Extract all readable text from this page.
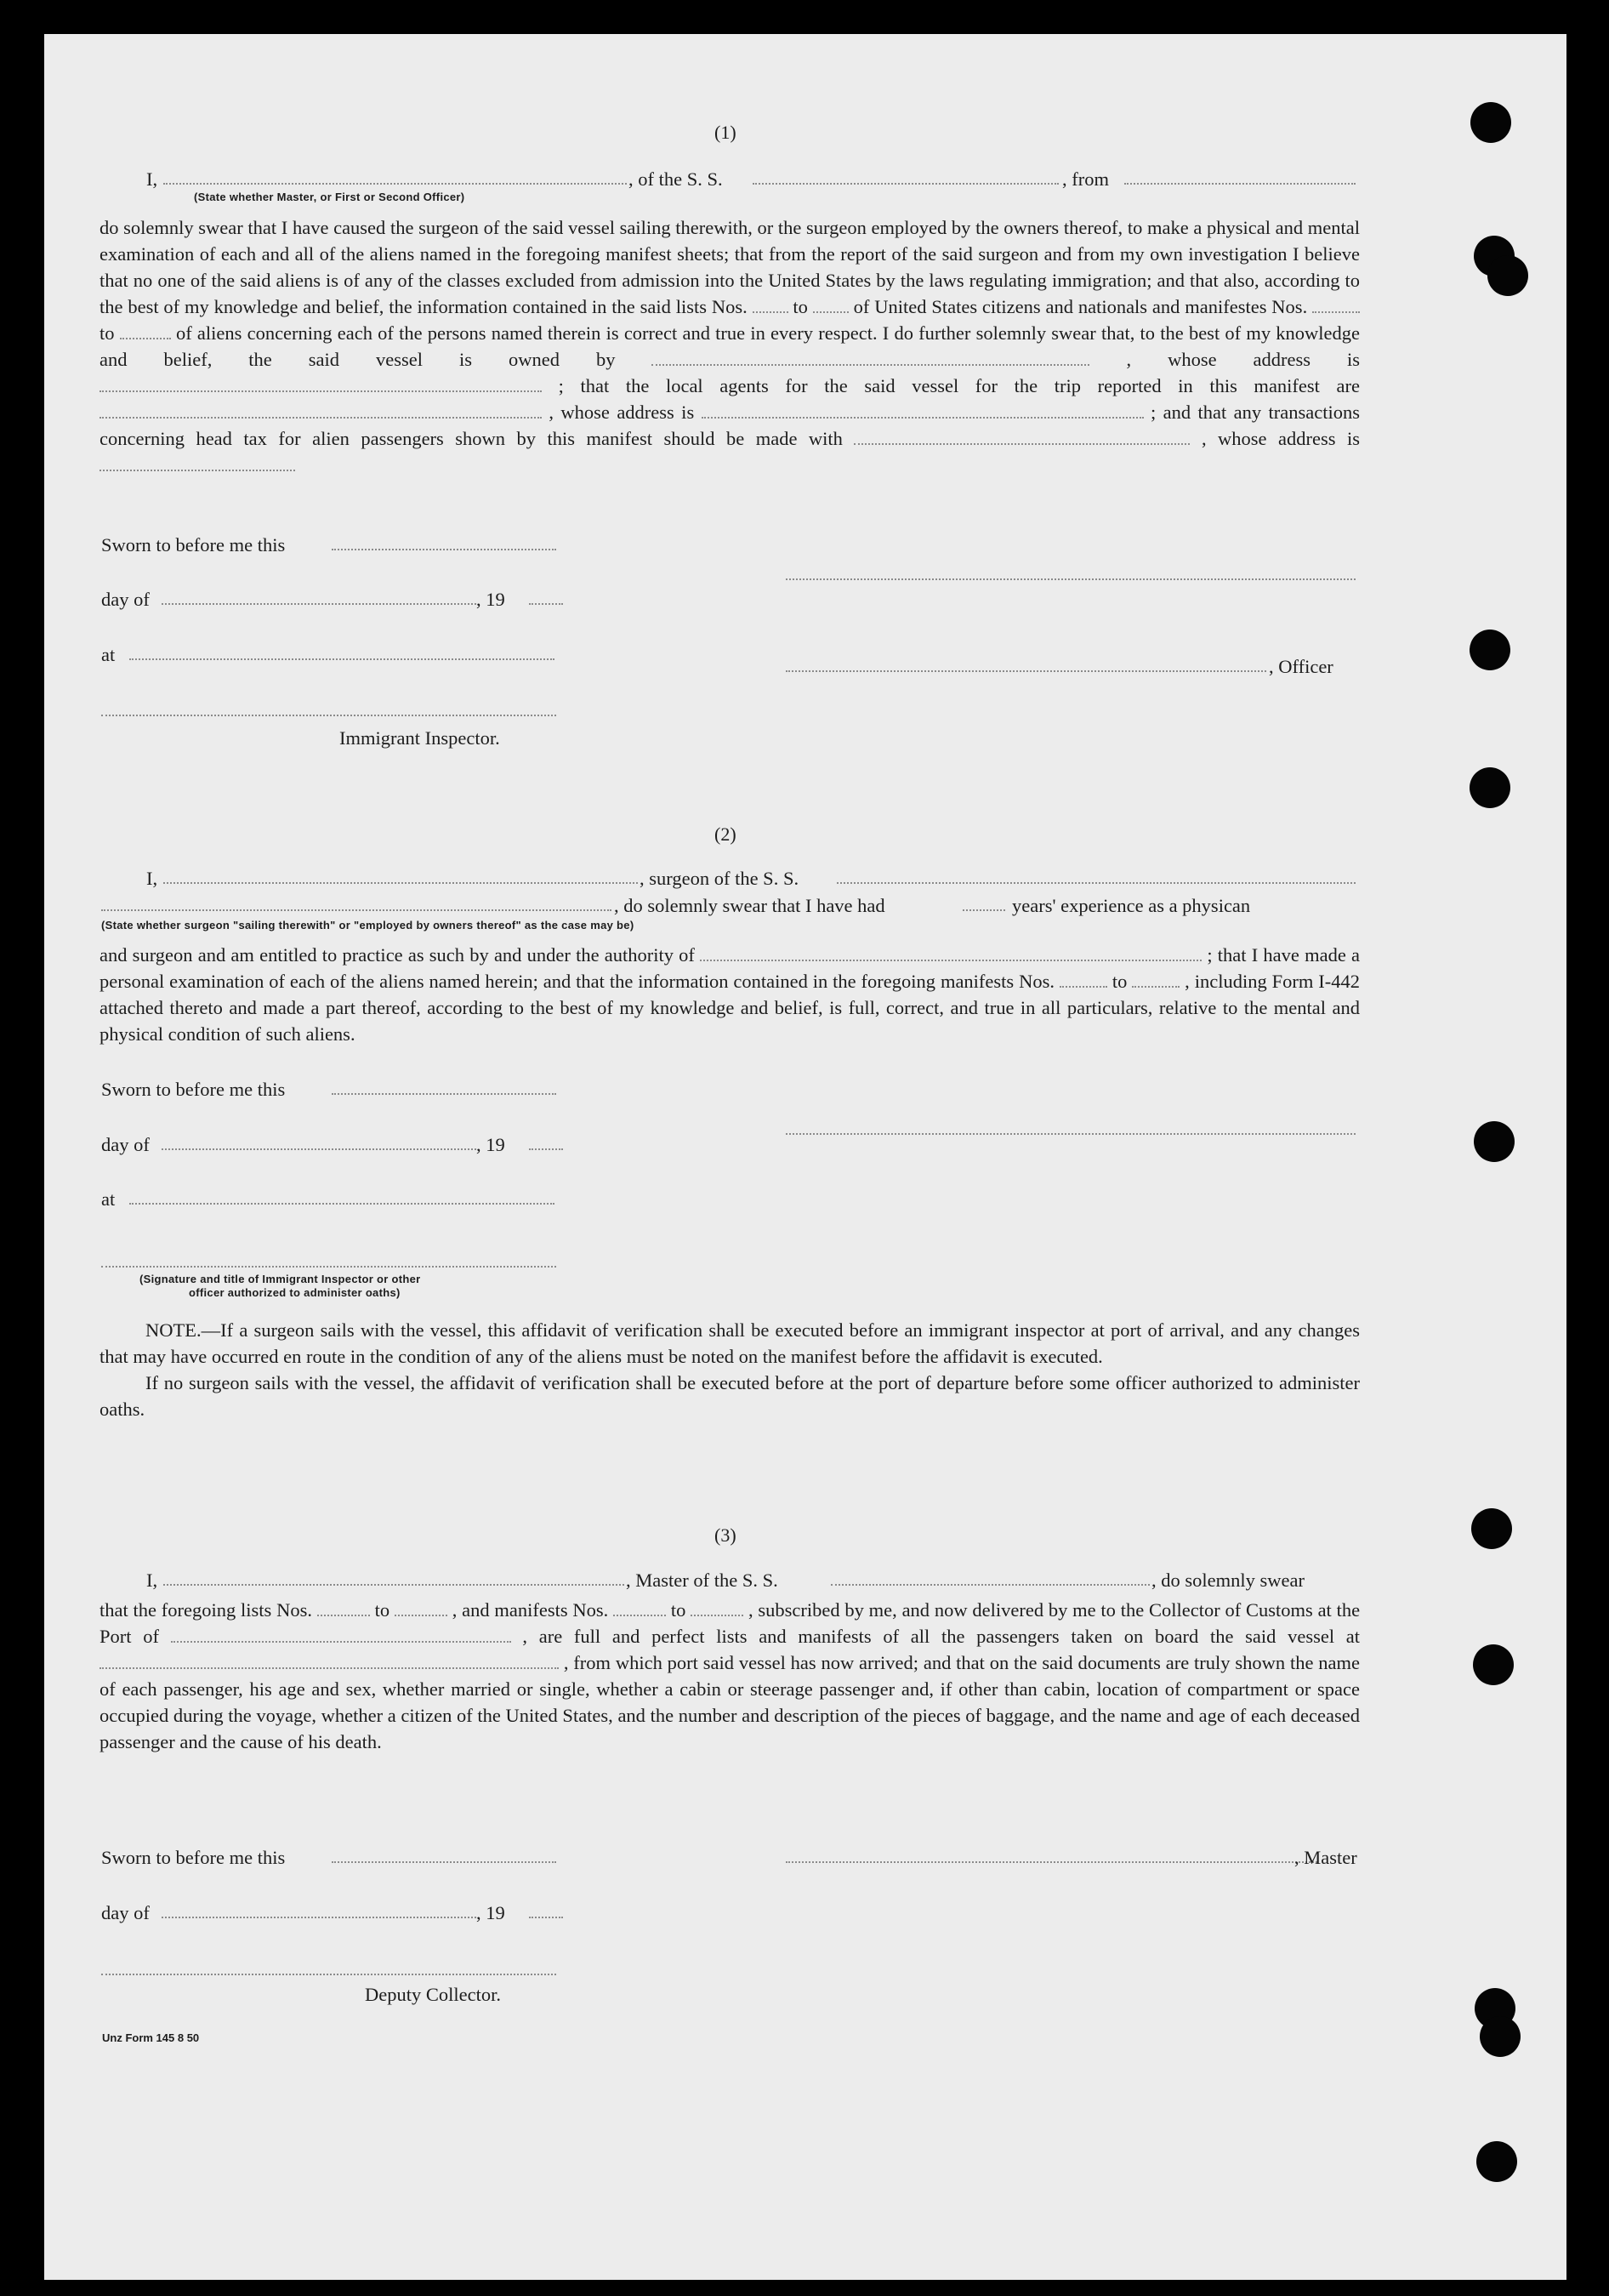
(1)
I,	, of the S. S.	, from
(State whether Master, or First or Second Officer)

do solemnly swear that I have caused the surgeon of the said vessel sailing therewith, or the surgeon employed by the owners thereof, to make a physical and mental examination of each and all of the aliens named in the foregoing manifest sheets; that from the report of the said surgeon and from my own investigation I believe that no one of the said aliens is of any of the classes excluded from admission into the United States by the laws regulating immigration; and that also, according to the best of my knowledge and belief, the information contained in the said lists Nos. to of United States citizens and nationals and manifestes Nos.  to	of aliens concerning each of the persons named therein is correct and true in every respect. I do further solemnly swear that, to the best of my knowledge and belief, the said vessel is owned by	, whose address is  ; that the local agents for the said vessel for the trip reported in this manifest are  , whose address is	; and that any transactions concerning head tax for alien passengers shown by this manifest should be made with	, whose address is

Sworn to before me this
day of	, 19
at
, Officer
Immigrant Inspector.
(2)
I,	, surgeon of the S. S.
, do solemnly swear that I have had	years' experience as a physican
(State whether surgeon "sailing therewith" or "employed by owners thereof" as the case may be)

and surgeon and am entitled to practice as such by and under the authority of	; that I have made a personal examination of each of the aliens named herein; and that the information contained in the foregoing manifests Nos.	to	, including Form I-442 attached thereto and made a part thereof, according to the best of my knowledge and belief, is full, correct, and true in all particulars, relative to the mental and physical condition of such aliens.

Sworn to before me this
day of	, 19
at
(Signature and title of Immigrant Inspector or other
officer authorized to administer oaths)

NOTE.—If a surgeon sails with the vessel, this affidavit of verification shall be executed before an immigrant inspector at port of arrival, and any changes that may have occurred en route in the condition of any of the aliens must be noted on the manifest before the affidavit is executed.

If no surgeon sails with the vessel, the affidavit of verification shall be executed before at the port of departure before some officer authorized to administer oaths.

(3)
I,	, Master of the S. S.	, do solemnly swear

that the foregoing lists Nos.	to	, and manifests Nos.	to	, subscribed by me, and now delivered by me to the Collector of Customs at the Port of	, are full and perfect lists and manifests of all the passengers taken on board the said vessel at  , from which port said vessel has now arrived; and that on the said documents are truly shown the name of each passenger, his age and sex, whether married or single, whether a cabin or steerage passenger and, if other than cabin, location of compartment or space occupied during the voyage, whether a citizen of the United States, and the number and description of the pieces of baggage, and the name and age of each deceased passenger and the cause of his death.

Sworn to before me this	, Master
day of	, 19
Deputy Collector.
Unz Form 145 8 50
